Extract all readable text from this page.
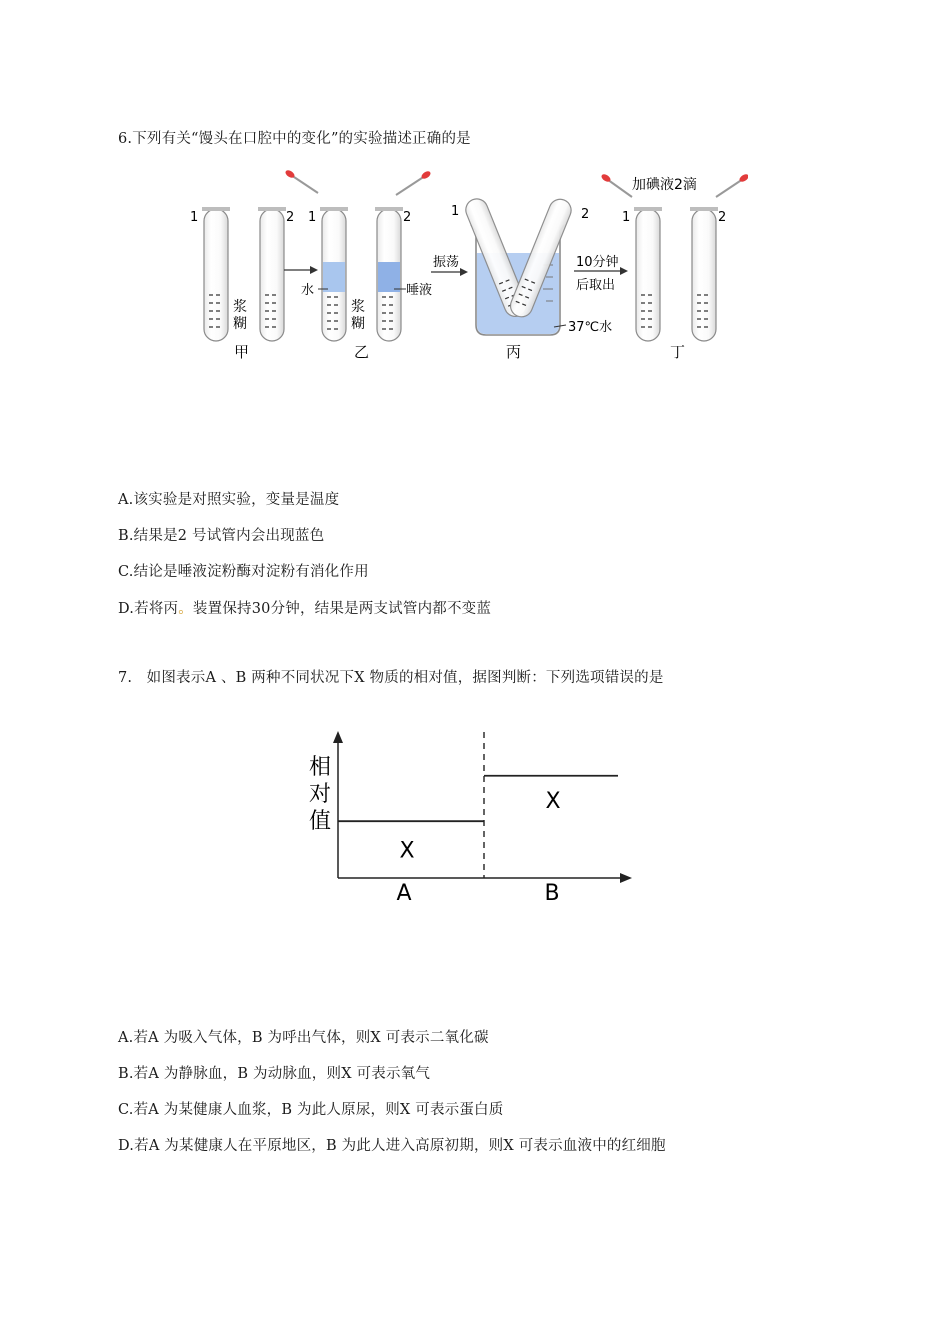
6.下列有关“馒头在口腔中的变化”的实验描述正确的是
1	2
浆
糊
甲
1
水
2
唾液
浆
糊
乙
振荡
1	2
37℃水
丙
10分钟
后取出
加碘液2滴
1	2
丁
A.该实验是对照实验，变量是温度
B.结果是2 号试管内会出现蓝色
C.结论是唾液淀粉酶对淀粉有消化作用
D.若将丙。装置保持30分钟，结果是两支试管内都不变蓝
7.   如图表示A 、B 两种不同状况下X 物质的相对值，据图判断：下列选项错误的是
相
对
值
X
X
A	B
A.若A 为吸入气体，B 为呼出气体，则X 可表示二氧化碳
B.若A 为静脉血，B 为动脉血，则X 可表示氧气
C.若A 为某健康人血浆，B 为此人原尿，则X 可表示蛋白质
D.若A 为某健康人在平原地区，B 为此人进入高原初期，则X 可表示血液中的红细胞
